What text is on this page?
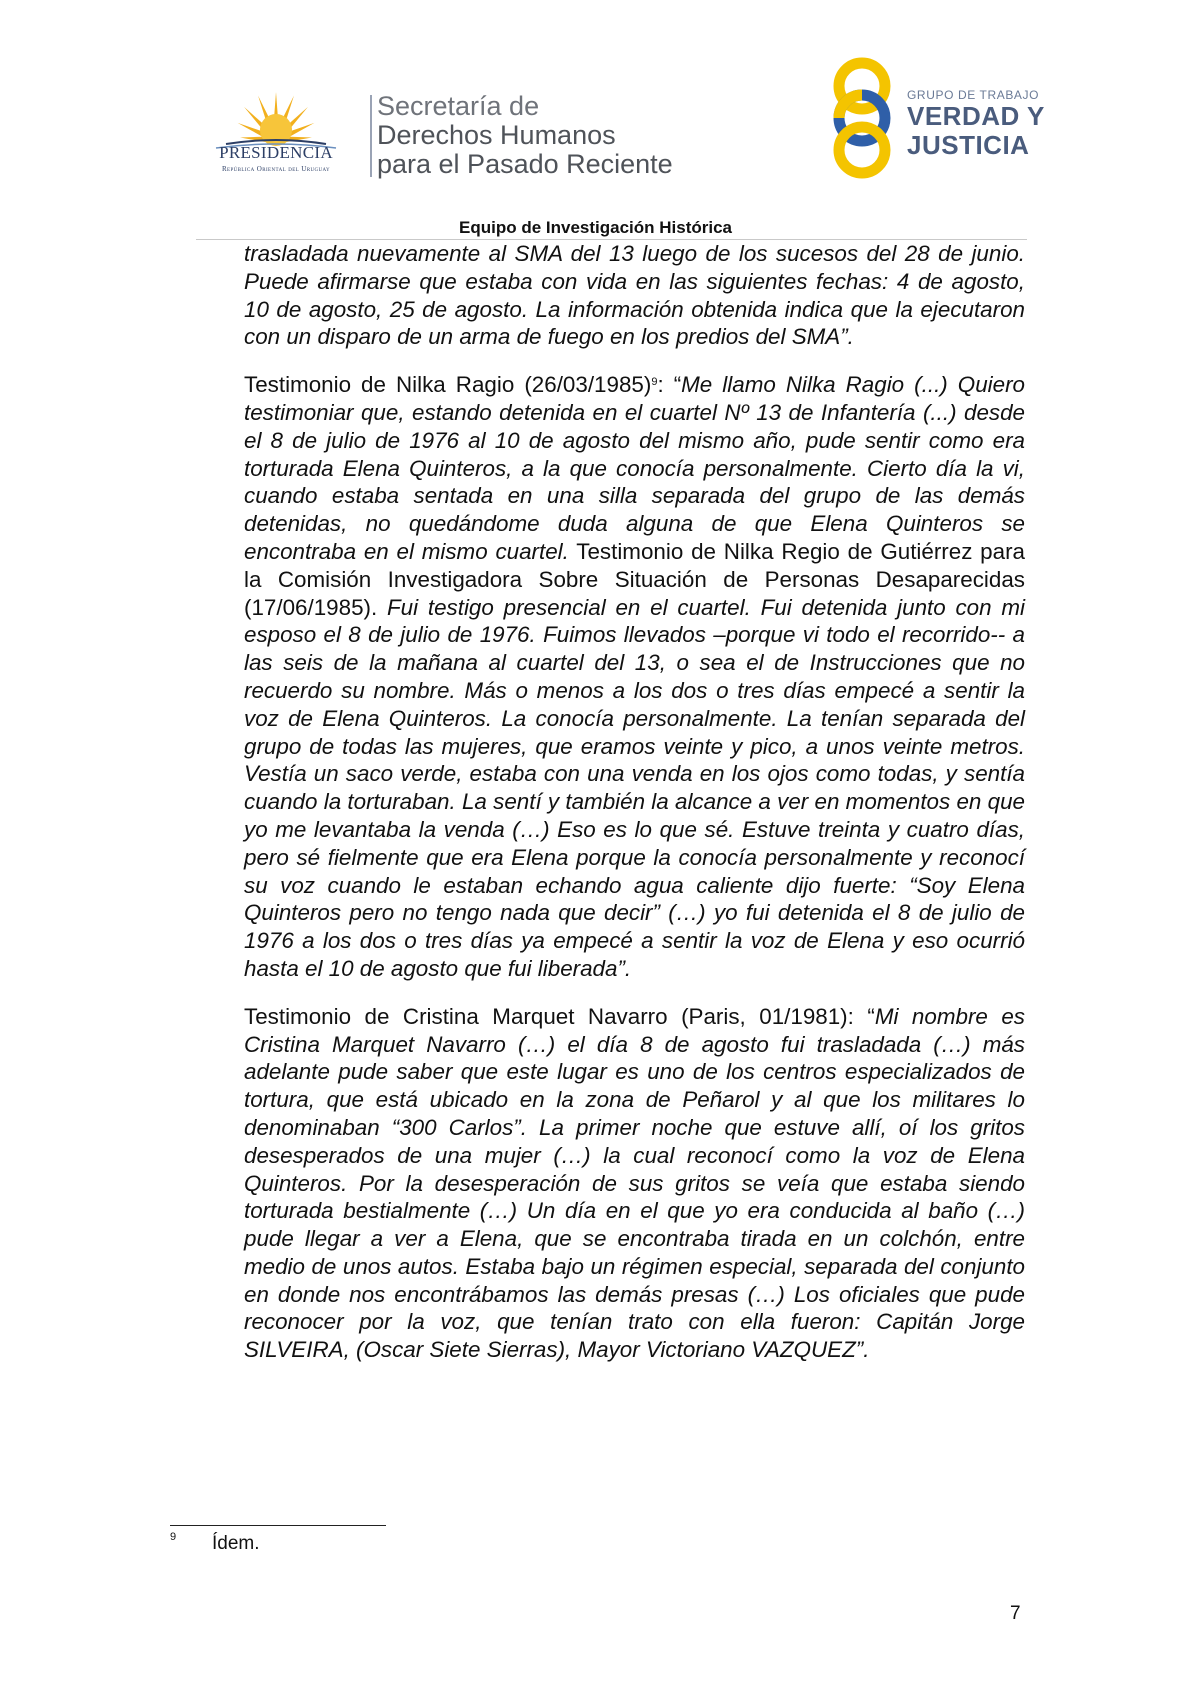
PRESIDENCIA
República Oriental del Uruguay
Secretaría de
Derechos Humanos
para el Pasado Reciente
GRUPO DE TRABAJO
VERDAD Y
JUSTICIA
Equipo de Investigación Histórica

trasladada nuevamente al SMA del 13 luego de los sucesos del 28 de junio. Puede afirmarse que estaba con vida en las siguientes fechas: 4 de agosto, 10 de agosto, 25 de agosto. La información obtenida indica que la ejecutaron con un disparo de un arma de fuego en los predios del SMA”.

Testimonio de Nilka Ragio $(26/03/1985)^9$: “Me llamo Nilka Ragio (...) Quiero testimoniar que, estando detenida en el cuartel Nº 13 de Infantería (...) desde el 8 de julio de 1976 al 10 de agosto del mismo año, pude sentir como era torturada Elena Quinteros, a la que conocía personalmente. Cierto día la vi, cuando estaba sentada en una silla separada del grupo de las demás detenidas, no quedándome duda alguna de que Elena Quinteros se encontraba en el mismo cuartel. Testimonio de Nilka Regio de Gutiérrez para la Comisión Investigadora Sobre Situación de Personas Desaparecidas (17/06/1985). Fui testigo presencial en el cuartel. Fui detenida junto con mi esposo el 8 de julio de 1976. Fuimos llevados –porque vi todo el recorrido-- a las seis de la mañana al cuartel del 13, o sea el de Instrucciones que no recuerdo su nombre. Más o menos a los dos o tres días empecé a sentir la voz de Elena Quinteros. La conocía personalmente. La tenían separada del grupo de todas las mujeres, que eramos veinte y pico, a unos veinte metros. Vestía un saco verde, estaba con una venda en los ojos como todas, y sentía cuando la torturaban. La sentí y también la alcance a ver en momentos en que yo me levantaba la venda (…) Eso es lo que sé. Estuve treinta y cuatro días, pero sé fielmente que era Elena porque la conocía personalmente y reconocí su voz cuando le estaban echando agua caliente dijo fuerte: “Soy Elena Quinteros pero no tengo nada que decir” (…) yo fui detenida el 8 de julio de 1976 a los dos o tres días ya empecé a sentir la voz de Elena y eso ocurrió hasta el 10 de agosto que fui liberada”.

Testimonio de Cristina Marquet Navarro (Paris, 01/1981): “Mi nombre es Cristina Marquet Navarro (…) el día 8 de agosto fui trasladada (…) más adelante pude saber que este lugar es uno de los centros especializados de tortura, que está ubicado en la zona de Peñarol y al que los militares lo denominaban “300 Carlos”. La primer noche que estuve allí, oí los gritos desesperados de una mujer (…) la cual reconocí como la voz de Elena Quinteros. Por la desesperación de sus gritos se veía que estaba siendo torturada bestialmente (…) Un día en el que yo era conducida al baño (…) pude llegar a ver a Elena, que se encontraba tirada en un colchón, entre medio de unos autos. Estaba bajo un régimen especial, separada del conjunto en donde nos encontrábamos las demás presas (…) Los oficiales que pude reconocer por la voz, que tenían trato con ella fueron: Capitán Jorge SILVEIRA, (Oscar Siete Sierras), Mayor Victoriano VAZQUEZ”.

9 Ídem.
7
